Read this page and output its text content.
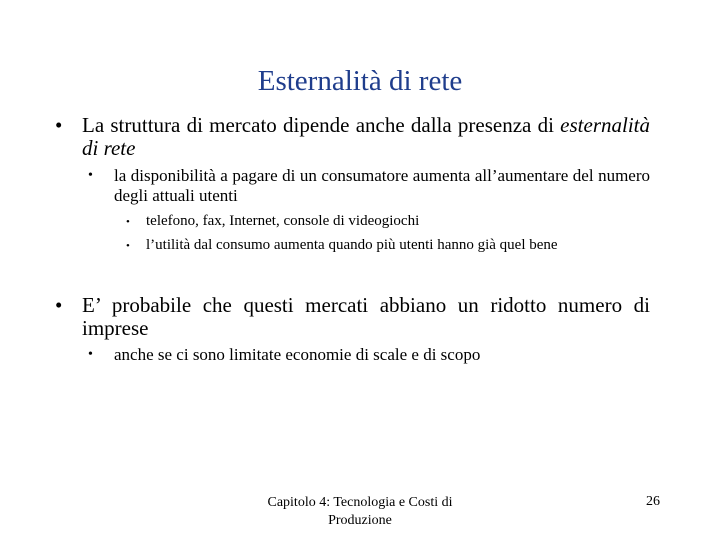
Esternalità di rete
• La struttura di mercato dipende anche dalla presenza di esternalità di rete
• la disponibilità a pagare di un consumatore aumenta all’aumentare del numero degli attuali utenti
• telefono, fax, Internet, console di videogiochi
• l’utilità dal consumo aumenta quando più utenti hanno già quel bene
• E’ probabile che questi mercati abbiano un ridotto numero di imprese
• anche se ci sono limitate economie di scale e di scopo
Capitolo 4: Tecnologia e Costi di Produzione
26
